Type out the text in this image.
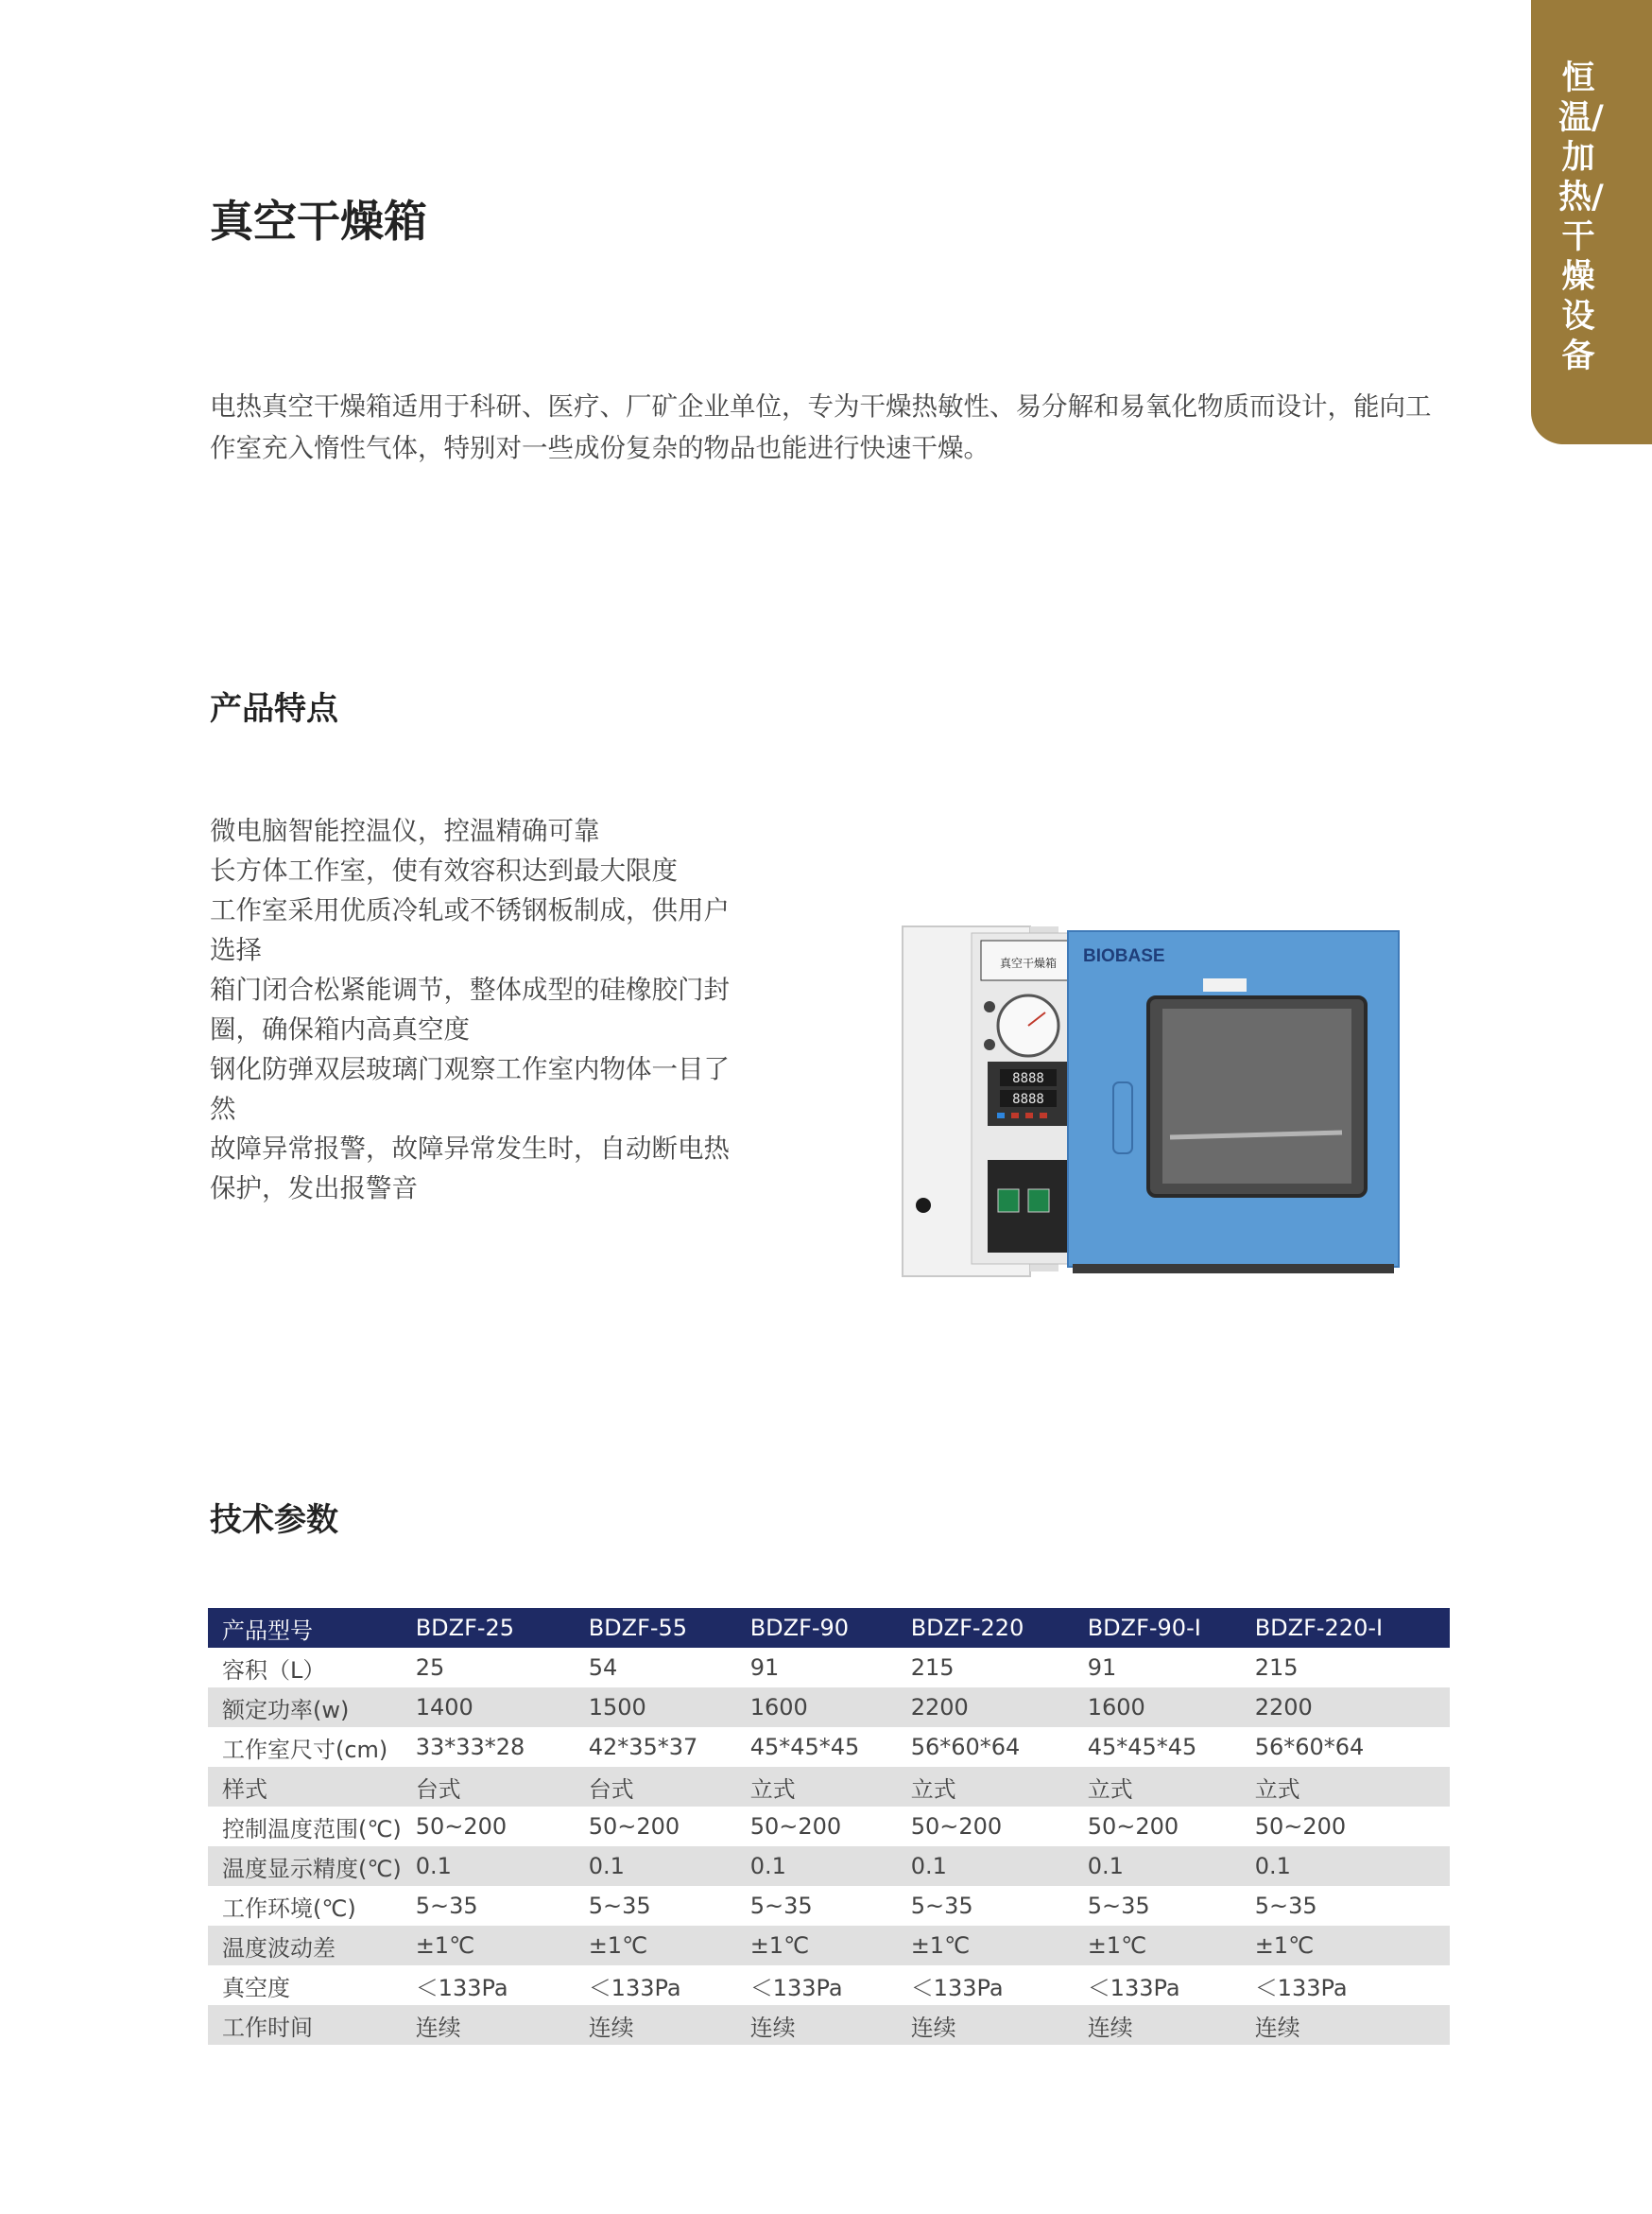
恒温/加热/干燥设备
真空干燥箱

电热真空干燥箱适用于科研、医疗、厂矿企业单位，专为干燥热敏性、易分解和易氧化物质而设计，能向工作室充入惰性气体，特别对一些成份复杂的物品也能进行快速干燥。

产品特点
微电脑智能控温仪，控温精确可靠
长方体工作室，使有效容积达到最大限度
工作室采用优质冷轧或不锈钢板制成，供用户选择
箱门闭合松紧能调节，整体成型的硅橡胶门封圈，确保箱内高真空度
钢化防弹双层玻璃门观察工作室内物体一目了然
故障异常报警，故障异常发生时，自动断电热保护，发出报警音
真空干燥箱
8888
8888
BIOBASE
技术参数
产品型号	BDZF-25	BDZF-55	BDZF-90	BDZF-220	BDZF-90-I	BDZF-220-I
容积（L）	25	54	91	215	91	215
额定功率(w)	1400	1500	1600	2200	1600	2200
工作室尺寸(cm)	33*33*28	42*35*37	45*45*45	56*60*64	45*45*45	56*60*64
样式	台式	台式	立式	立式	立式	立式
控制温度范围(℃)	50~200	50~200	50~200	50~200	50~200	50~200
温度显示精度(℃)	0.1	0.1	0.1	0.1	0.1	0.1
工作环境(℃)	5~35	5~35	5~35	5~35	5~35	5~35
温度波动差	±1℃	±1℃	±1℃	±1℃	±1℃	±1℃
真空度	＜133Pa	＜133Pa	＜133Pa	＜133Pa	＜133Pa	＜133Pa
工作时间	连续	连续	连续	连续	连续	连续
